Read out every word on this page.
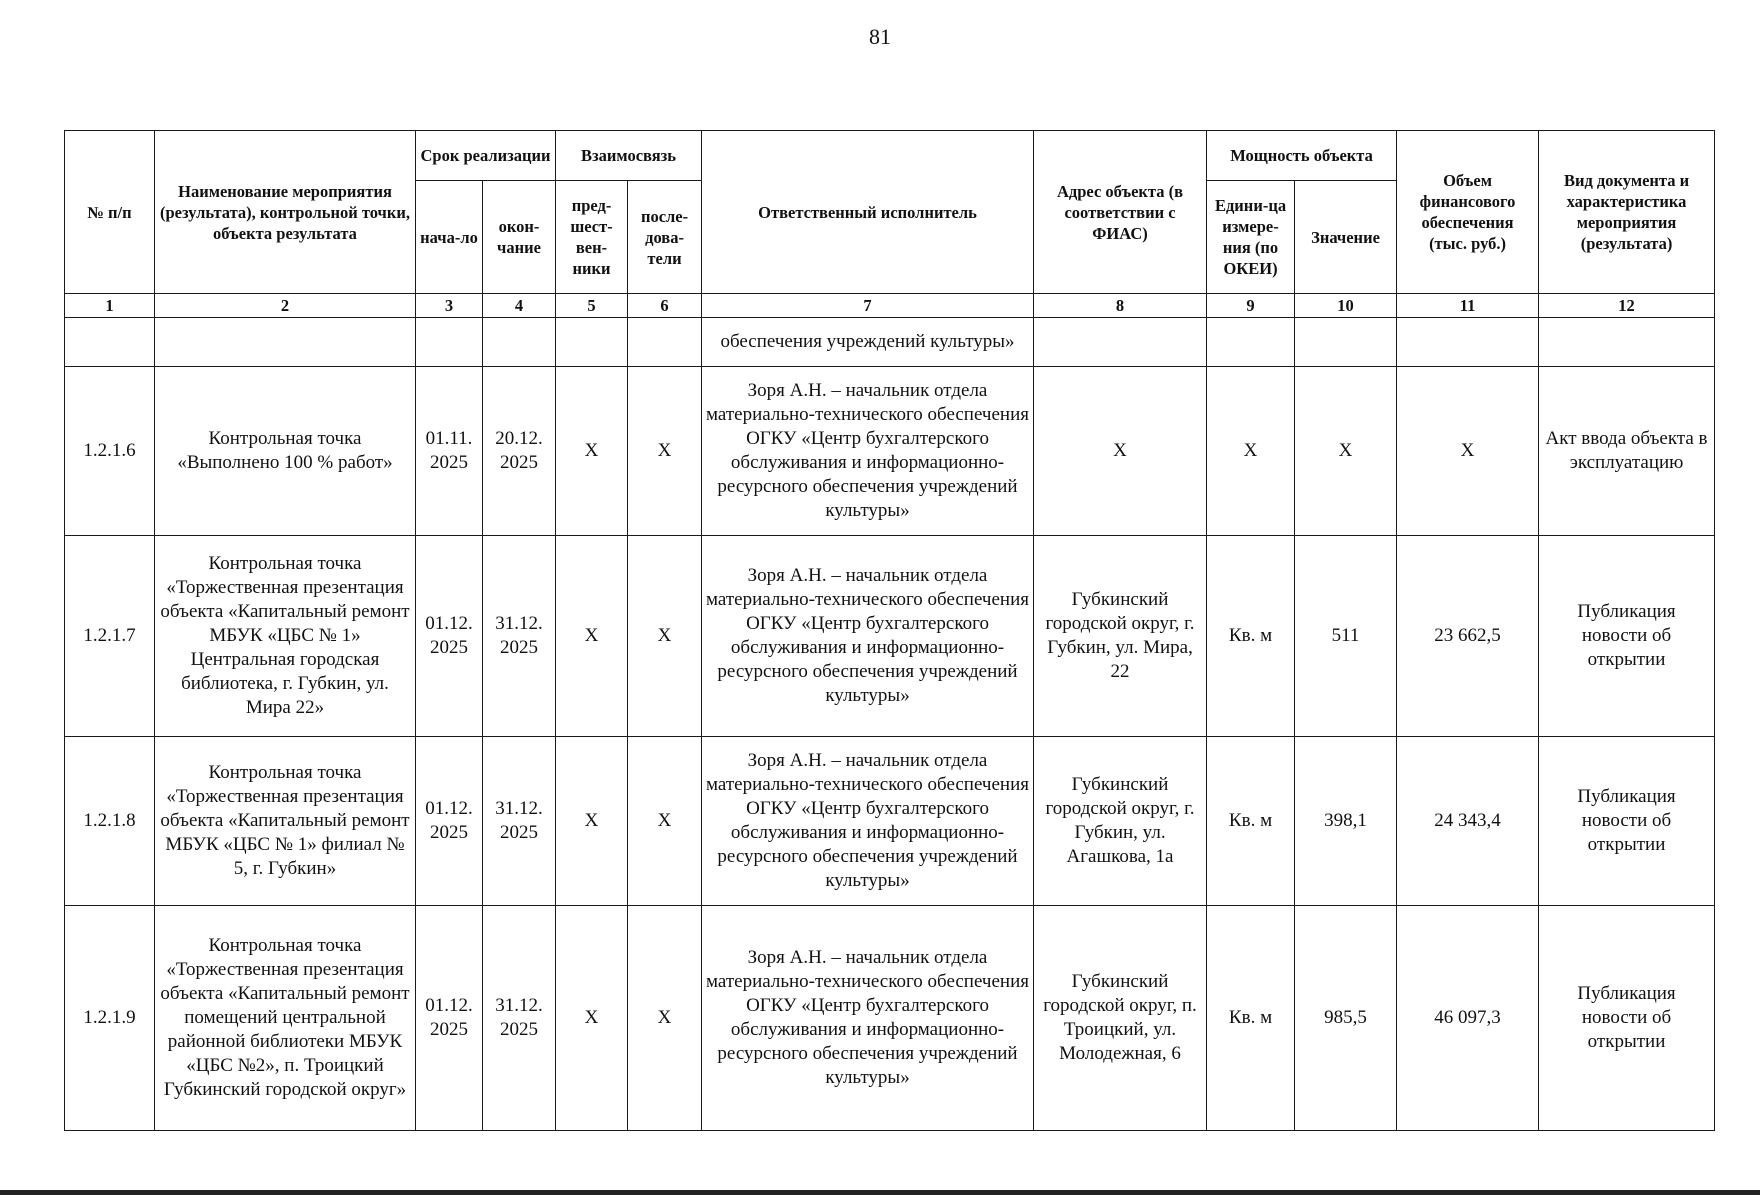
81
№ п/п	Наименование мероприятия (результата), контрольной точки, объекта результата	Срок реализации		Взаимосвязь		Ответственный исполнитель	Адрес объекта (в соответствии с ФИАС)	Мощность объекта		Объем финансового обеспечения (тыс. руб.)	Вид документа и характеристика мероприятия (результата)
		нача-ло	окон-чание	пред-шест-вен-ники	после-дова-тели			Едини-ца измере-ния (по ОКЕИ)	Значение		
1	2	3	4	5	6	7	8	9	10	11	12
						обеспечения учреждений культуры»					
1.2.1.6	Контрольная точка «Выполнено 100 % работ»	01.11. 2025	20.12. 2025	X	X	Зоря А.Н. – начальник отдела материально-технического обеспечения ОГКУ «Центр бухгалтерского обслуживания и информационно-ресурсного обеспечения учреждений культуры»	X	X	X	X	Акт ввода объекта в эксплуатацию
1.2.1.7	Контрольная точка «Торжественная презентация объекта «Капитальный ремонт МБУК «ЦБС № 1» Центральная городская библиотека, г. Губкин, ул. Мира 22»	01.12. 2025	31.12. 2025	X	X	Зоря А.Н. – начальник отдела материально-технического обеспечения ОГКУ «Центр бухгалтерского обслуживания и информационно-ресурсного обеспечения учреждений культуры»	Губкинский городской округ, г. Губкин, ул. Мира, 22	Кв. м	511	23 662,5	Публикация новости об открытии
1.2.1.8	Контрольная точка «Торжественная презентация объекта «Капитальный ремонт МБУК «ЦБС № 1» филиал № 5, г. Губкин»	01.12. 2025	31.12. 2025	X	X	Зоря А.Н. – начальник отдела материально-технического обеспечения ОГКУ «Центр бухгалтерского обслуживания и информационно-ресурсного обеспечения учреждений культуры»	Губкинский городской округ, г. Губкин, ул. Агашкова, 1а	Кв. м	398,1	24 343,4	Публикация новости об открытии
1.2.1.9	Контрольная точка «Торжественная презентация объекта «Капитальный ремонт помещений центральной районной библиотеки МБУК «ЦБС №2», п. Троицкий Губкинский городской округ»	01.12. 2025	31.12. 2025	X	X	Зоря А.Н. – начальник отдела материально-технического обеспечения ОГКУ «Центр бухгалтерского обслуживания и информационно-ресурсного обеспечения учреждений культуры»	Губкинский городской округ, п. Троицкий, ул. Молодежная, 6	Кв. м	985,5	46 097,3	Публикация новости об открытии
